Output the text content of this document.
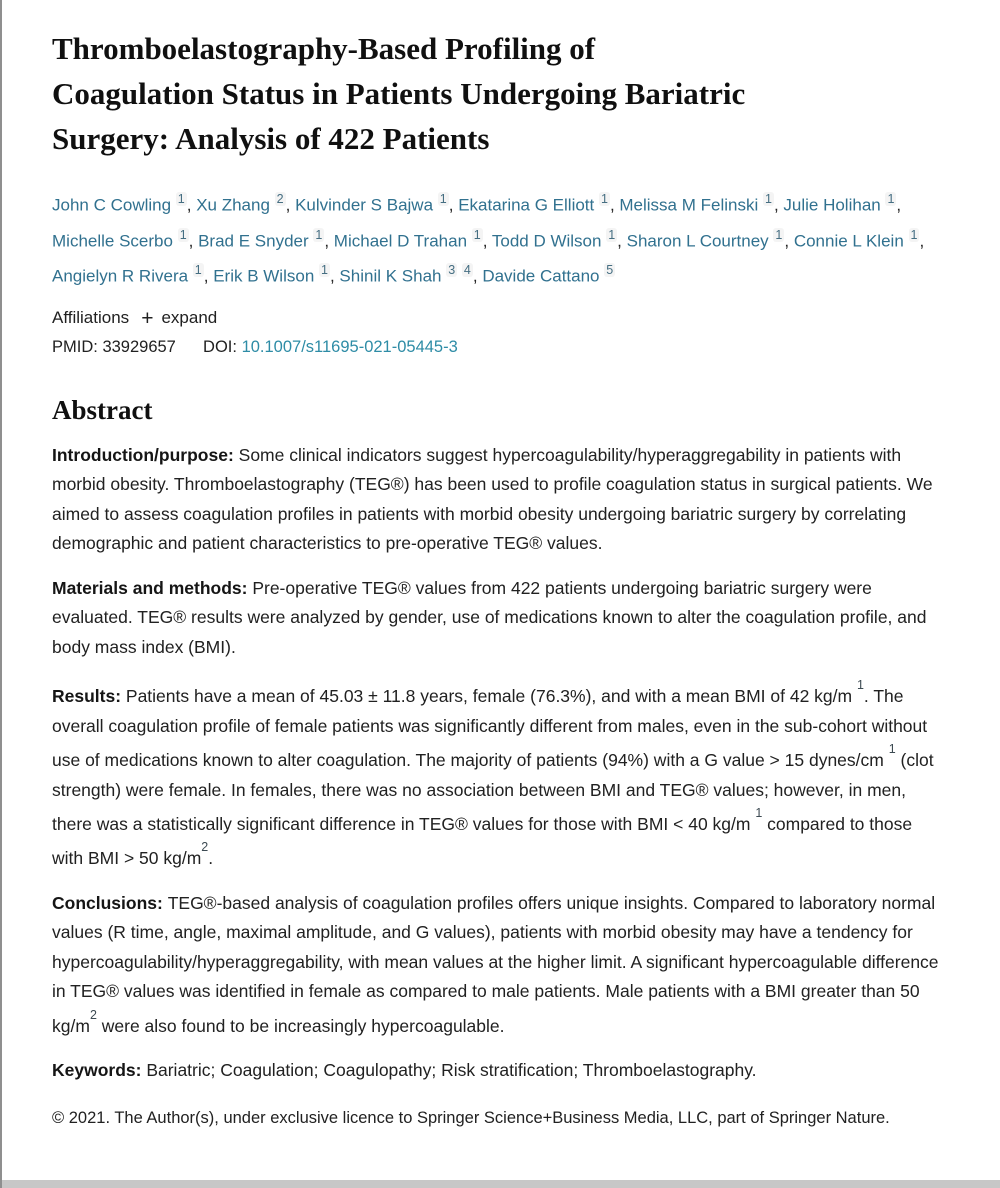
Thromboelastography-Based Profiling of
Coagulation Status in Patients Undergoing Bariatric
Surgery: Analysis of 422 Patients
John C Cowling $^1$ , Xu Zhang $^2$ , Kulvinder S Bajwa $^1$ , Ekatarina G Elliott $^1$ , Melissa M Felinski $^1$ , Julie Holihan $^1$ , Michelle Scerbo $^1$ , Brad E Snyder $^1$ , Michael D Trahan $^1$ , Todd D Wilson $^1$ , Sharon L Courtney $^1$ , Connie L Klein $^1$ , Angielyn R Rivera $^1$ , Erik B Wilson $^1$ , Shinil K Shah $^3$ $^4$ , Davide Cattano $^5$
Affiliations + expand
PMID: 33929657 DOI: 10.1007/s11695-021-05445-3
Abstract

Introduction/purpose: Some clinical indicators suggest hypercoagulability/hyperaggregability in patients with morbid obesity. Thromboelastography (TEG®) has been used to profile coagulation status in surgical patients. We aimed to assess coagulation profiles in patients with morbid obesity undergoing bariatric surgery by correlating demographic and patient characteristics to pre-operative TEG® values.

Materials and methods: Pre-operative TEG® values from 422 patients undergoing bariatric surgery were evaluated. TEG® results were analyzed by gender, use of medications known to alter the coagulation profile, and body mass index (BMI).

Results: Patients have a mean of 45.03 ± 11.8 years, female (76.3%), and with a mean BMI of 42 kg/m $^1$. The overall coagulation profile of female patients was significantly different from males, even in the sub-cohort without use of medications known to alter coagulation. The majority of patients (94%) with a G value > 15 dynes/cm $^1$ (clot strength) were female. In females, there was no association between BMI and TEG® values; however, in men, there was a statistically significant difference in TEG® values for those with BMI < 40 kg/m $^1$ compared to those with BMI > 50 $kg/m^2$.

Conclusions: TEG®-based analysis of coagulation profiles offers unique insights. Compared to laboratory normal values (R time, angle, maximal amplitude, and G values), patients with morbid obesity may have a tendency for hypercoagulability/hyperaggregability, with mean values at the higher limit. A significant hypercoagulable difference in TEG® values was identified in female as compared to male patients. Male patients with a BMI greater than 50 $kg/m^2$ were also found to be increasingly hypercoagulable.

Keywords: Bariatric; Coagulation; Coagulopathy; Risk stratification; Thromboelastography.

© 2021. The Author(s), under exclusive licence to Springer Science+Business Media, LLC, part of Springer Nature.
